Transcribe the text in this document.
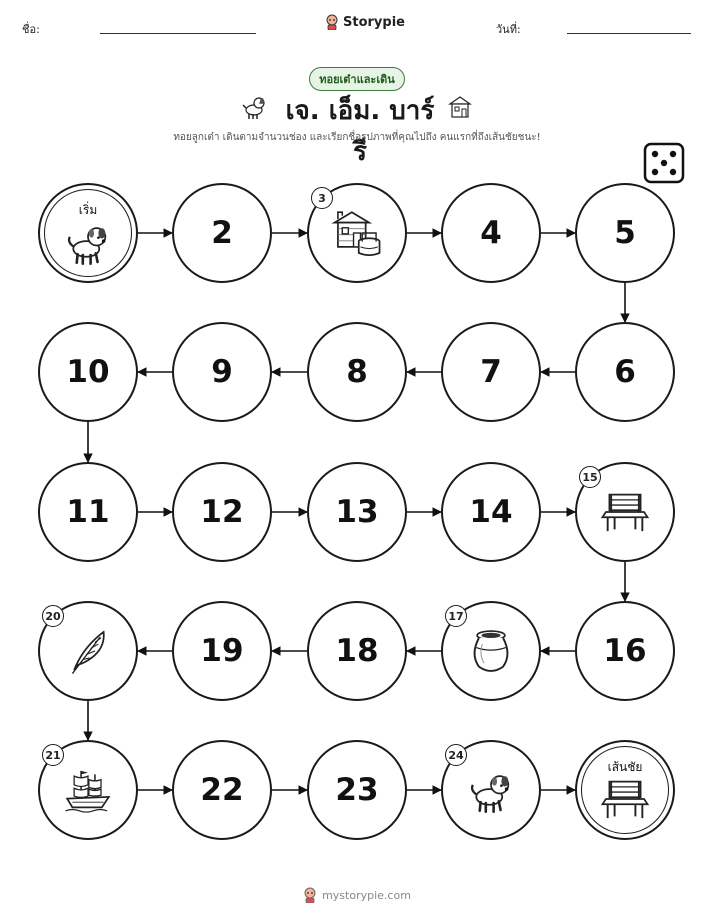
ชื่อ:	Storypie	วันที่:
ทอยเต๋าและเดิน
เจ. เอ็ม. บาร์รี
ทอยลูกเต๋า เดินตามจำนวนช่อง และเรียกชื่อรูปภาพที่คุณไปถึง คนแรกที่ถึงเส้นชัยชนะ!
เริ่ม
2
3
4	5
6
7
8
9
10
11	12	13	14
15
16
17
18
19
20
21
22	23
24
เส้นชัย
mystorypie.com
